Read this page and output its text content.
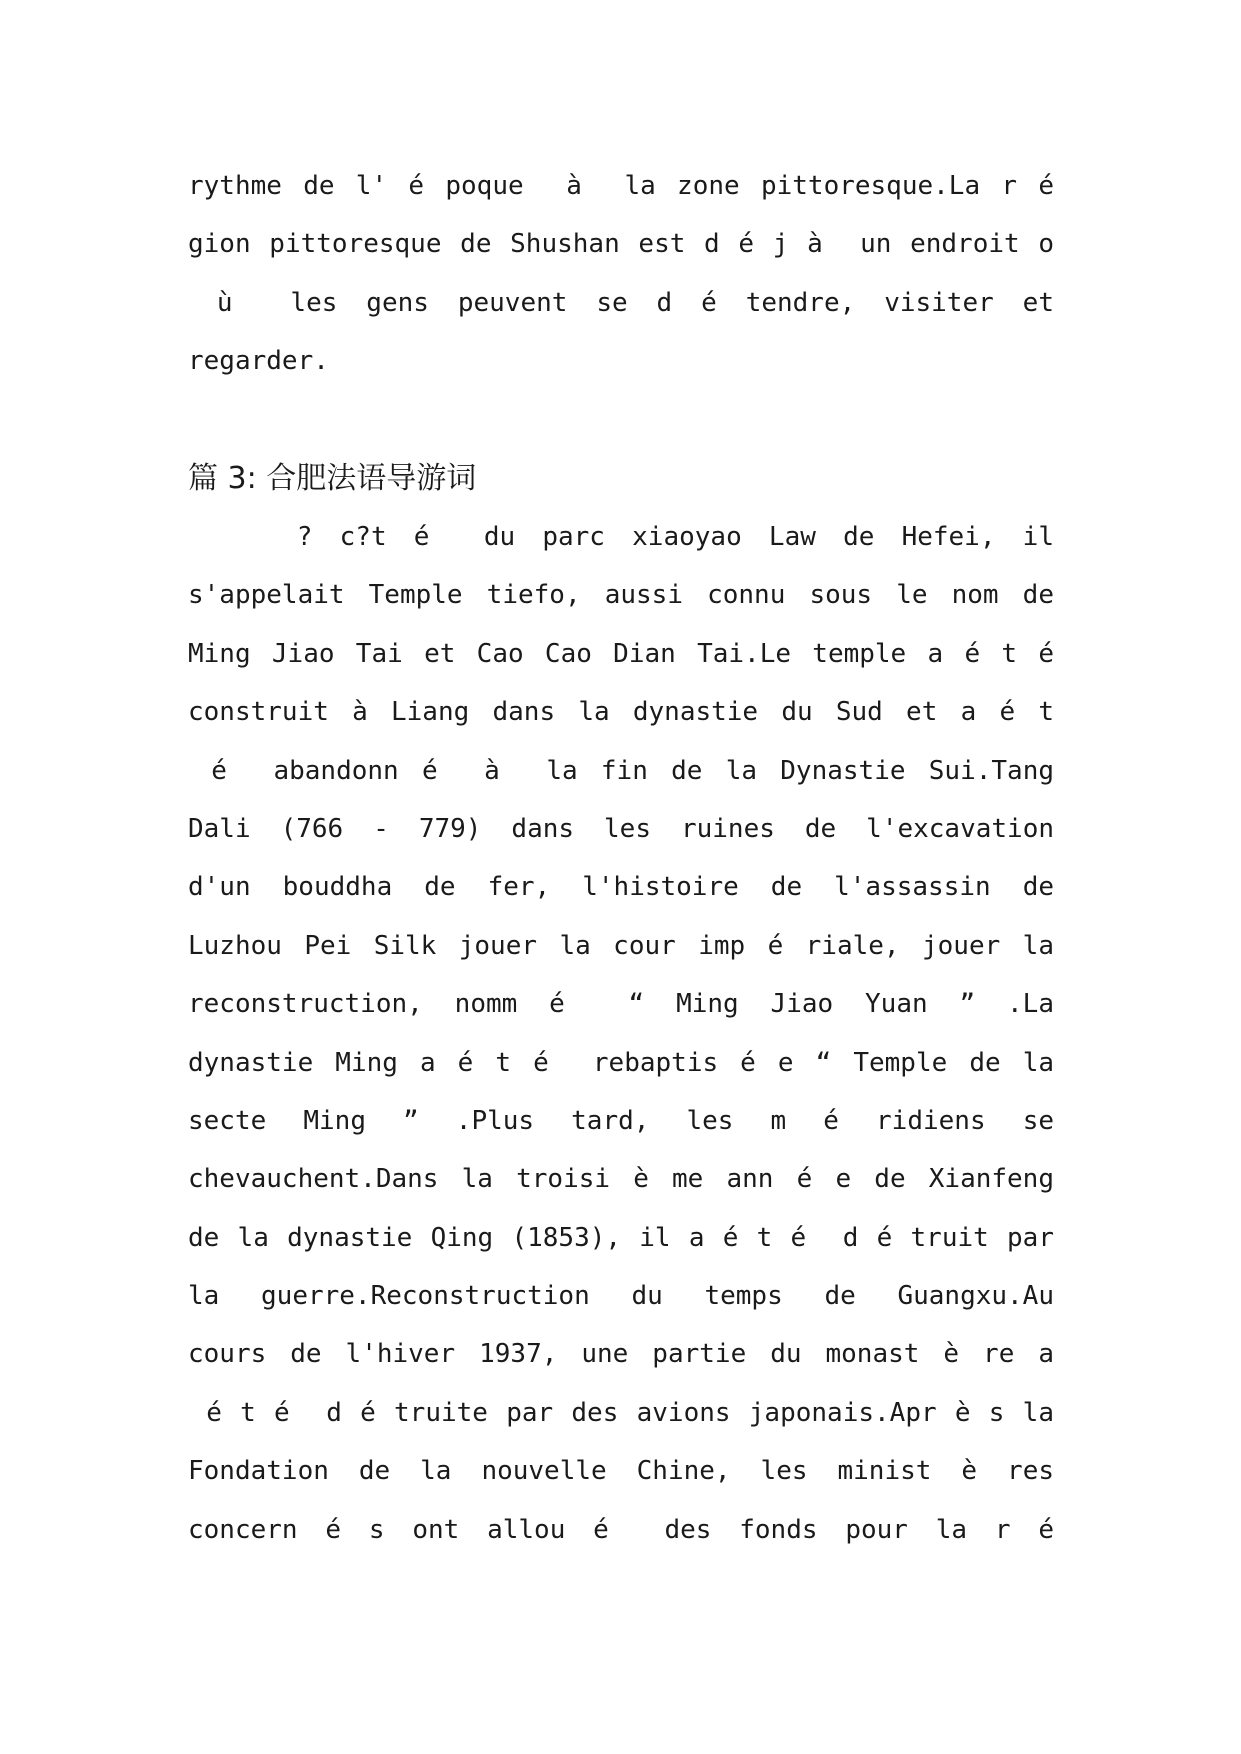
rythme de l' é poque  à  la zone pittoresque.La r é
gion pittoresque de Shushan est d é j à  un endroit o
ù  les gens peuvent se d é tendre, visiter et
regarder.
篇 3: 合肥法语导游词
? c?t é  du parc xiaoyao Law de Hefei, il
s'appelait Temple tiefo, aussi connu sous le nom de
Ming Jiao Tai et Cao Cao Dian Tai.Le temple a é t é
construit à Liang dans la dynastie du Sud et a é t
é  abandonn é  à  la fin de la Dynastie Sui.Tang
Dali (766 - 779) dans les ruines de l'excavation
d'un bouddha de fer, l'histoire de l'assassin de
Luzhou Pei Silk jouer la cour imp é riale, jouer la
reconstruction, nomm é  “ Ming Jiao Yuan ” .La
dynastie Ming a é t é  rebaptis é e “ Temple de la
secte Ming ” .Plus tard, les m é ridiens se
chevauchent.Dans la troisi è me ann é e de Xianfeng
de la dynastie Qing (1853), il a é t é  d é truit par
la guerre.Reconstruction du temps de Guangxu.Au
cours de l'hiver 1937, une partie du monast è re a
é t é  d é truite par des avions japonais.Apr è s la
Fondation de la nouvelle Chine, les minist è res
concern é s ont allou é  des fonds pour la r é
